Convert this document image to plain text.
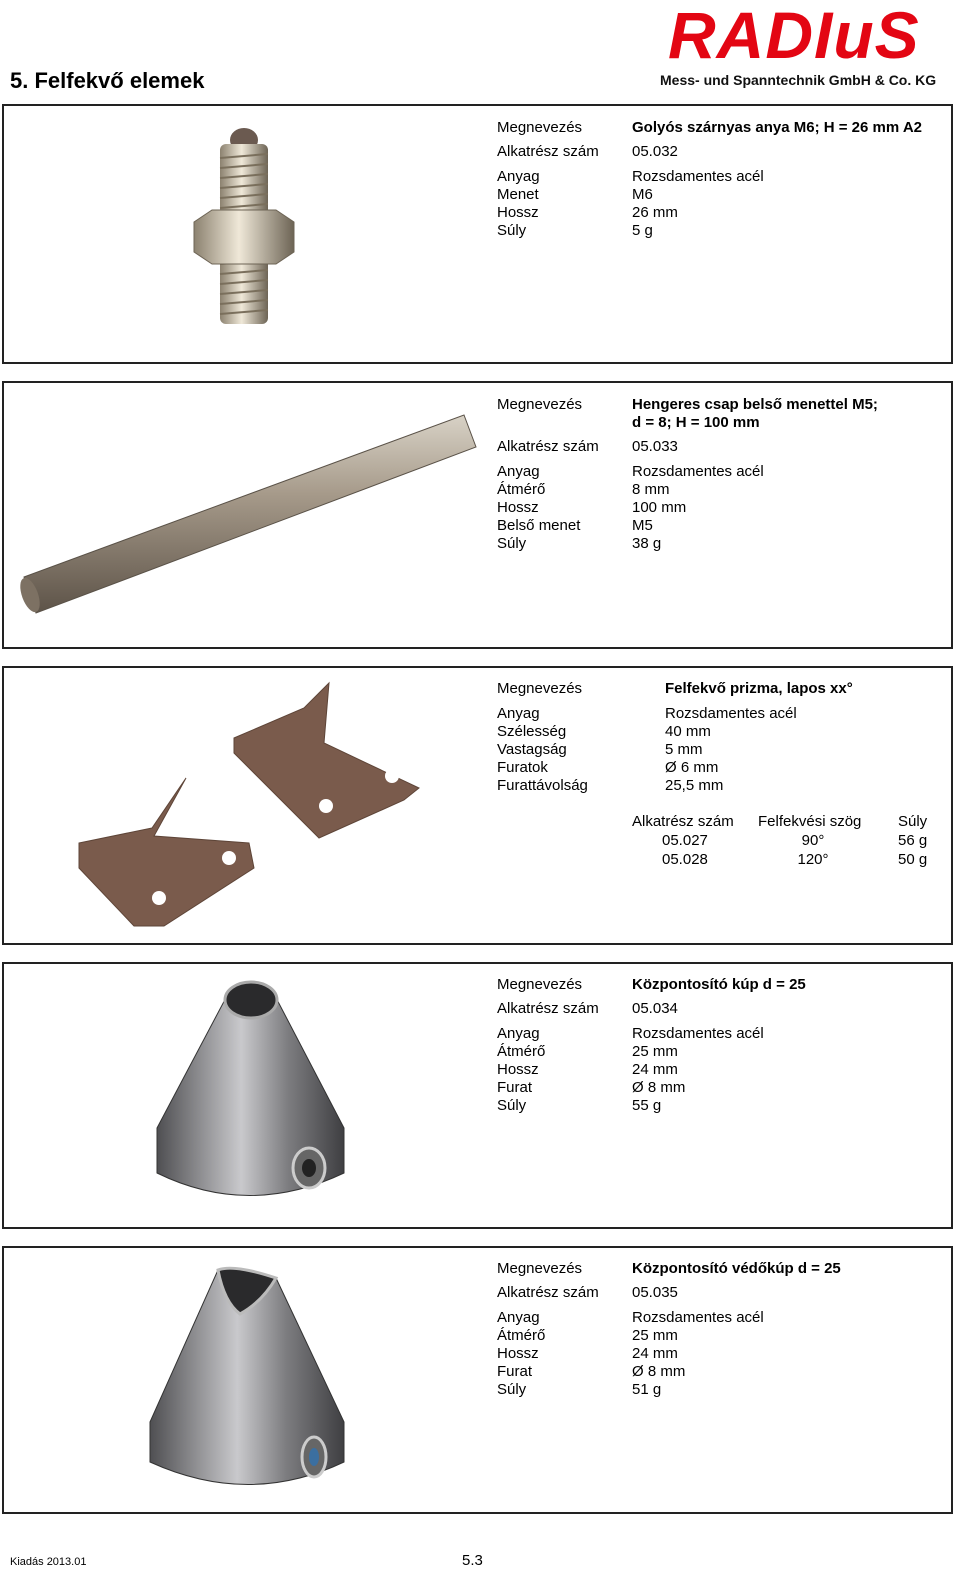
5. Felfekvő elemek
RADIuS
Mess- und Spanntechnik GmbH & Co. KG
Megnevezés	Golyós szárnyas anya M6; H = 26 mm A2
Alkatrész szám	05.032
Anyag	Rozsdamentes acél
Menet	M6
Hossz	26 mm
Súly	5 g
Megnevezés	Hengeres csap belső menettel M5;
d = 8; H = 100 mm
Alkatrész szám	05.033
Anyag	Rozsdamentes acél
Átmérő	8 mm
Hossz	100 mm
Belső menet	M5
Súly	38 g
Megnevezés	Felfekvő prizma, lapos xx°
Anyag	Rozsdamentes acél
Szélesség	40 mm
Vastagság	5 mm
Furatok	Ø 6 mm
Furattávolság	25,5 mm
Alkatrész szám	Felfekvési szög	Súly
05.027	90°	56 g
05.028	120°	50 g
Megnevezés	Központosító kúp d = 25
Alkatrész szám	05.034
Anyag	Rozsdamentes acél
Átmérő	25 mm
Hossz	24 mm
Furat	Ø 8 mm
Súly	55 g
Megnevezés	Központosító védőkúp d = 25
Alkatrész szám	05.035
Anyag	Rozsdamentes acél
Átmérő	25 mm
Hossz	24 mm
Furat	Ø 8 mm
Súly	51 g
Kiadás 2013.01	5.3
